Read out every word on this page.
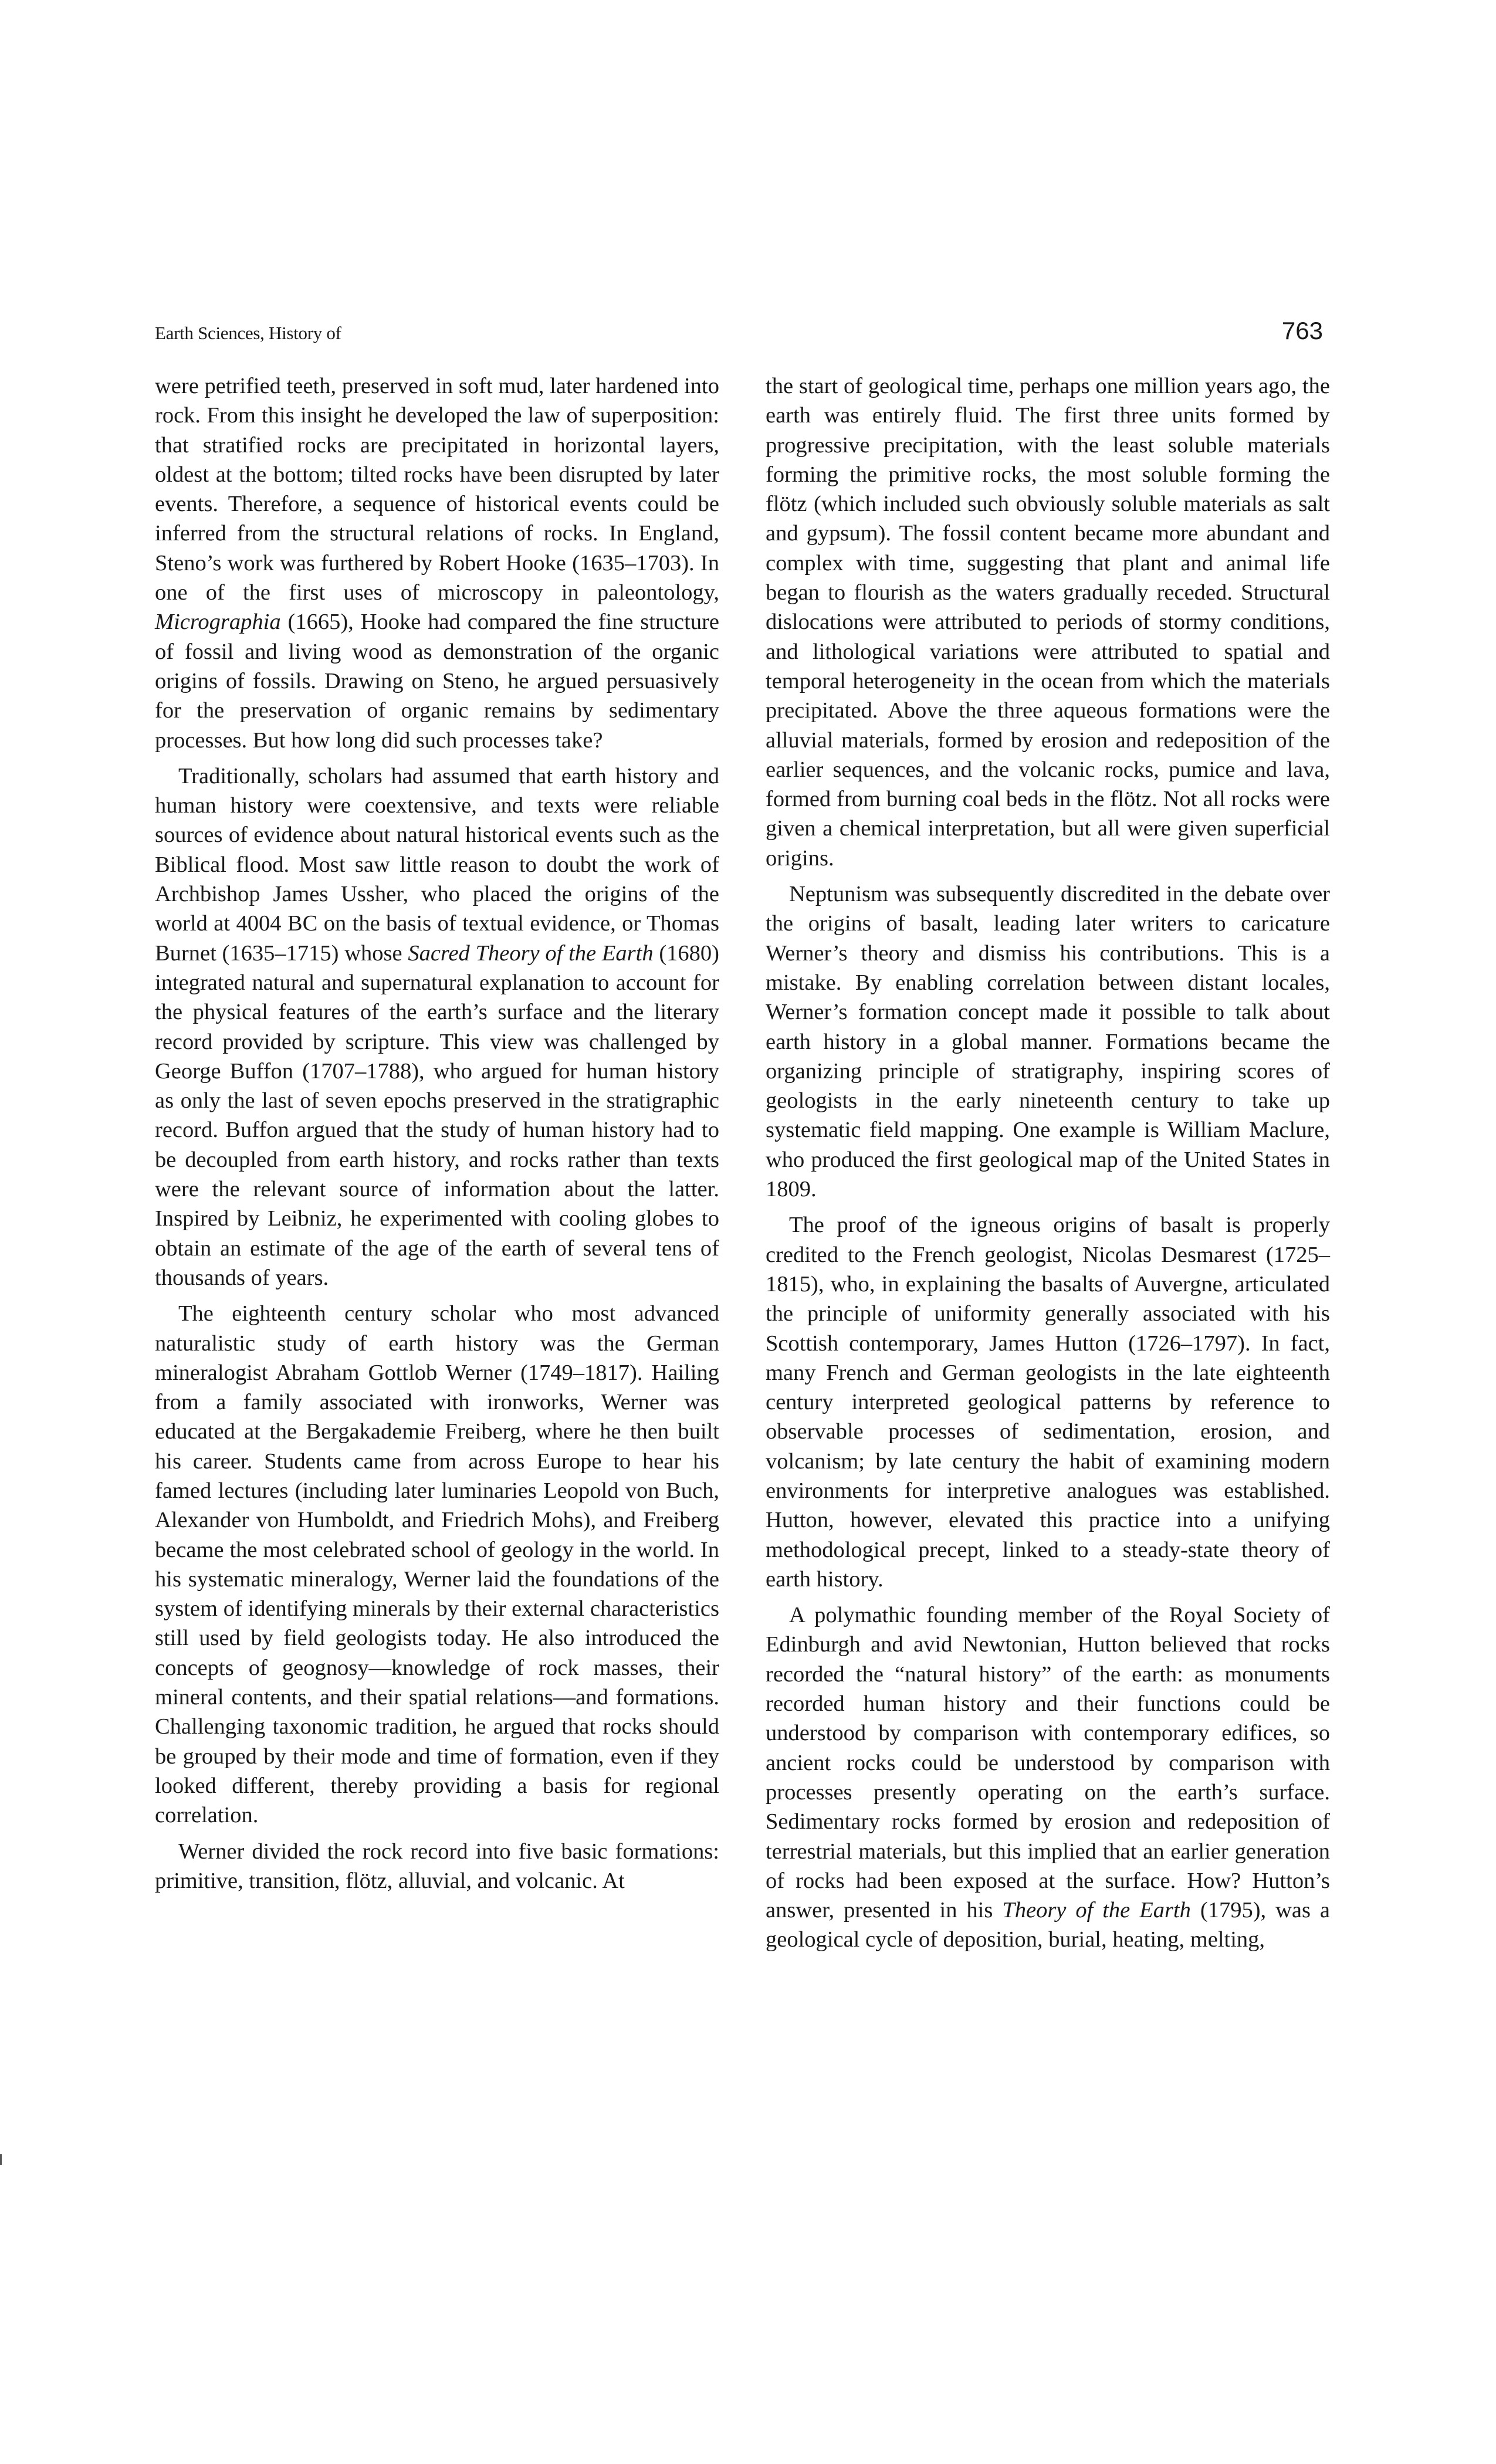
Earth Sciences, History of	763

were petrified teeth, preserved in soft mud, later hardened into rock. From this insight he developed the law of superposition: that stratified rocks are precipitated in horizontal layers, oldest at the bottom; tilted rocks have been disrupted by later events. Therefore, a sequence of historical events could be inferred from the structural relations of rocks. In England, Steno’s work was furthered by Robert Hooke (1635–1703). In one of the first uses of microscopy in paleontology, Micrographia (1665), Hooke had compared the fine structure of fossil and living wood as demonstration of the organic origins of fossils. Drawing on Steno, he argued persuasively for the preservation of organic remains by sedimentary processes. But how long did such processes take?

Traditionally, scholars had assumed that earth history and human history were coextensive, and texts were reliable sources of evidence about natural historical events such as the Biblical flood. Most saw little reason to doubt the work of Archbishop James Ussher, who placed the origins of the world at 4004 BC on the basis of textual evidence, or Thomas Burnet (1635–1715) whose Sacred Theory of the Earth (1680) integrated natural and supernatural explanation to account for the physical features of the earth’s surface and the literary record provided by scripture. This view was challenged by George Buffon (1707–1788), who argued for human history as only the last of seven epochs preserved in the stratigraphic record. Buffon argued that the study of human history had to be decoupled from earth history, and rocks rather than texts were the relevant source of information about the latter. Inspired by Leibniz, he experimented with cooling globes to obtain an estimate of the age of the earth of several tens of thousands of years.

The eighteenth century scholar who most advanced naturalistic study of earth history was the German mineralogist Abraham Gottlob Werner (1749–1817). Hailing from a family associated with ironworks, Werner was educated at the Bergakademie Freiberg, where he then built his career. Students came from across Europe to hear his famed lectures (including later luminaries Leopold von Buch, Alexander von Humboldt, and Friedrich Mohs), and Freiberg became the most celebrated school of geology in the world. In his systematic mineralogy, Werner laid the foundations of the system of identifying minerals by their external characteristics still used by field geologists today. He also introduced the concepts of geognosy—knowledge of rock masses, their mineral contents, and their spatial relations—and formations. Challenging taxonomic tradition, he argued that rocks should be grouped by their mode and time of formation, even if they looked different, thereby providing a basis for regional correlation.

Werner divided the rock record into five basic formations: primitive, transition, flötz, alluvial, and volcanic. At

the start of geological time, perhaps one million years ago, the earth was entirely fluid. The first three units formed by progressive precipitation, with the least soluble materials forming the primitive rocks, the most soluble forming the flötz (which included such obviously soluble materials as salt and gypsum). The fossil content became more abundant and complex with time, suggesting that plant and animal life began to flourish as the waters gradually receded. Structural dislocations were attributed to periods of stormy conditions, and lithological variations were attributed to spatial and temporal heterogeneity in the ocean from which the materials precipitated. Above the three aqueous formations were the alluvial materials, formed by erosion and redeposition of the earlier sequences, and the volcanic rocks, pumice and lava, formed from burning coal beds in the flötz. Not all rocks were given a chemical interpretation, but all were given superficial origins.

Neptunism was subsequently discredited in the debate over the origins of basalt, leading later writers to caricature Werner’s theory and dismiss his contributions. This is a mistake. By enabling correlation between distant locales, Werner’s formation concept made it possible to talk about earth history in a global manner. Formations became the organizing principle of stratigraphy, inspiring scores of geologists in the early nineteenth century to take up systematic field mapping. One example is William Maclure, who produced the first geological map of the United States in 1809.

The proof of the igneous origins of basalt is properly credited to the French geologist, Nicolas Desmarest (1725–1815), who, in explaining the basalts of Auvergne, articulated the principle of uniformity generally associated with his Scottish contemporary, James Hutton (1726–1797). In fact, many French and German geologists in the late eighteenth century interpreted geological patterns by reference to observable processes of sedimentation, erosion, and volcanism; by late century the habit of examining modern environments for interpretive analogues was established. Hutton, however, elevated this practice into a unifying methodological precept, linked to a steady-state theory of earth history.

A polymathic founding member of the Royal Society of Edinburgh and avid Newtonian, Hutton believed that rocks recorded the “natural history” of the earth: as monuments recorded human history and their functions could be understood by comparison with contemporary edifices, so ancient rocks could be understood by comparison with processes presently operating on the earth’s surface. Sedimentary rocks formed by erosion and redeposition of terrestrial materials, but this implied that an earlier generation of rocks had been exposed at the surface. How? Hutton’s answer, presented in his Theory of the Earth (1795), was a geological cycle of deposition, burial, heating, melting,
